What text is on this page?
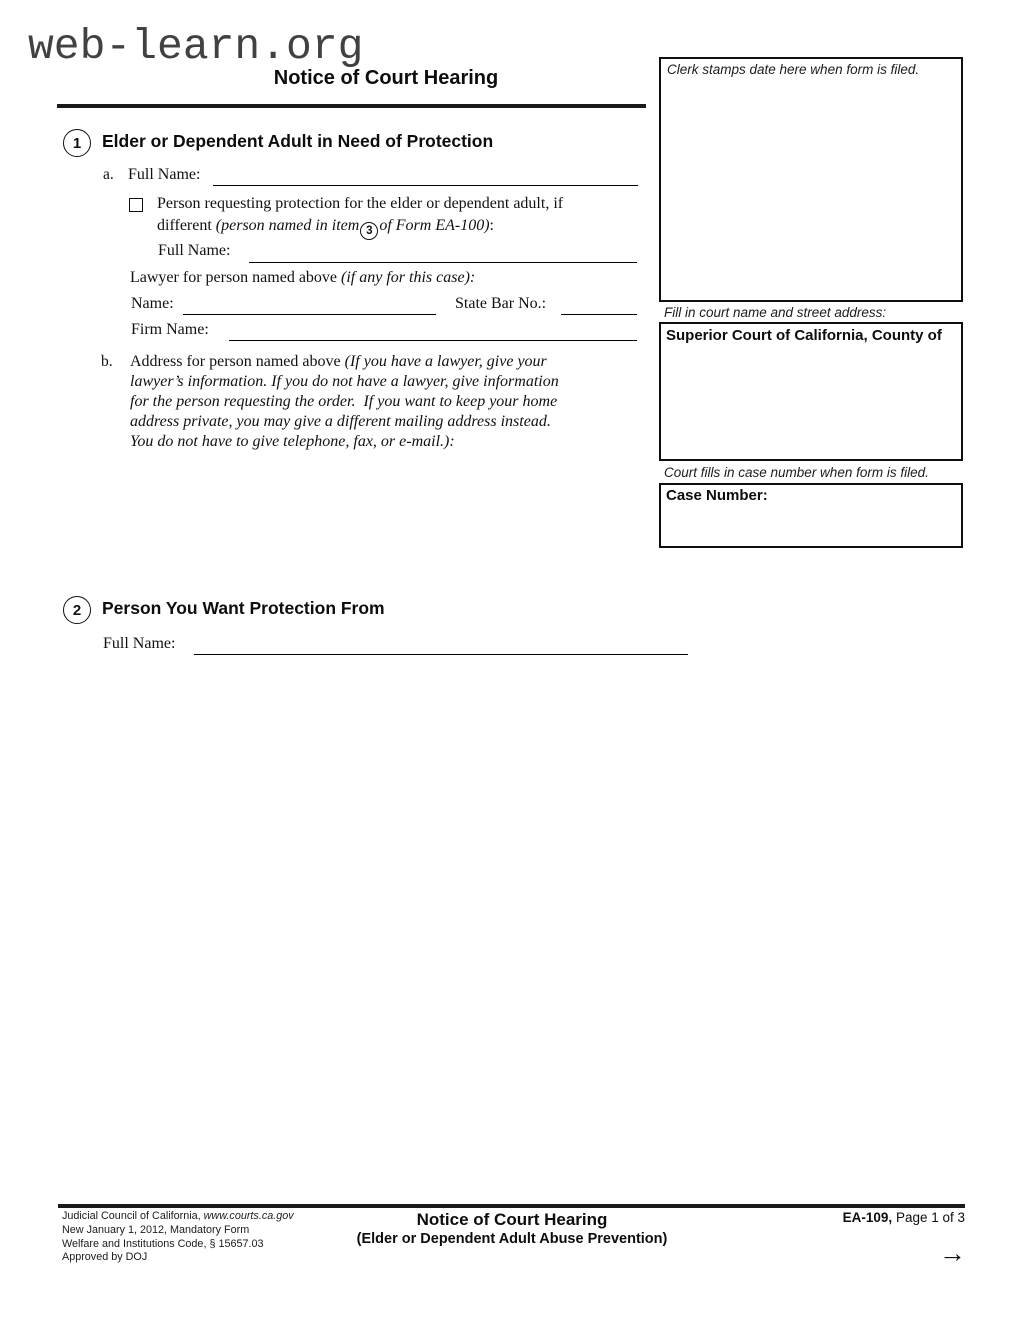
web-learn.org
Notice of Court Hearing	Clerk stamps date here when form is filed.
Fill in court name and street address:
Superior Court of California, County of
Court fills in case number when form is filed.
Case Number:
1	Elder or Dependent Adult in Need of Protection
a. Full Name:
Person requesting protection for the elder or dependent adult, if
different (person named in item 3 of Form EA-100):
Full Name:
Lawyer for person named above (if any for this case):
Name:	State Bar No.:
Firm Name:
b. Address for person named above (If you have a lawyer, give your
lawyer’s information. If you do not have a lawyer, give information
for the person requesting the order.  If you want to keep your home
address private, you may give a different mailing address instead.
You do not have to give telephone, fax, or e-mail.):
2	Person You Want Protection From
Full Name:
Judicial Council of California, www.courts.ca.gov
New January 1, 2012, Mandatory Form
Welfare and Institutions Code, § 15657.03
Approved by DOJ
Notice of Court Hearing
(Elder or Dependent Adult Abuse Prevention)
EA-109, Page 1 of 3
→
